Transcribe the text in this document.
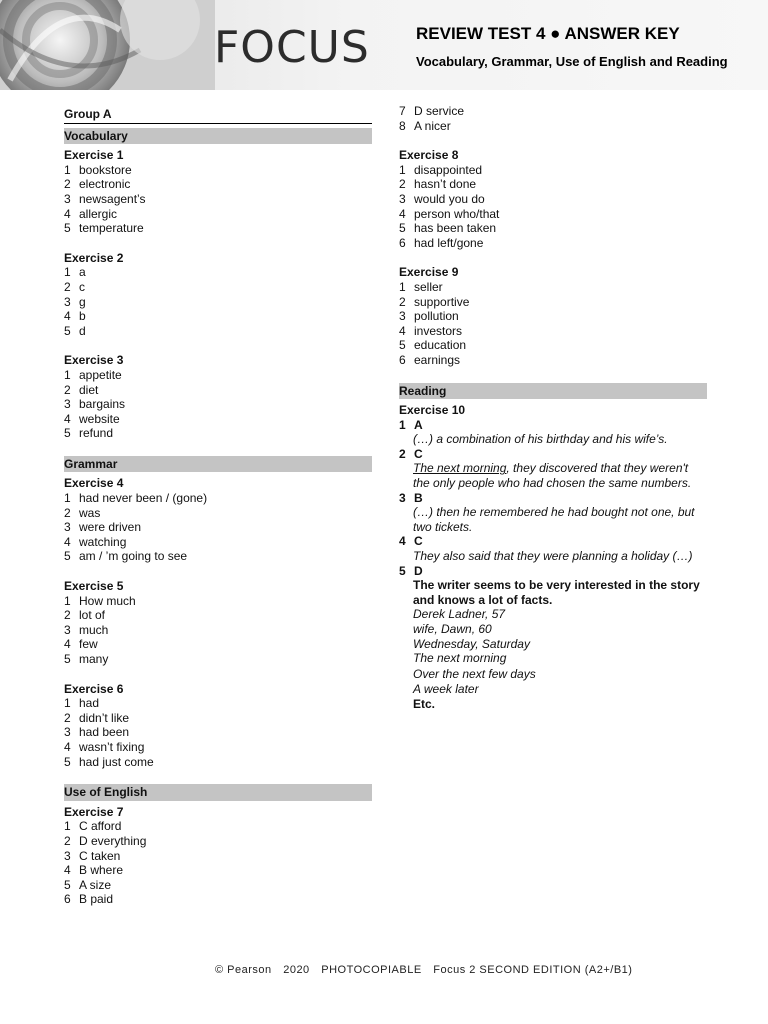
FOCUS	REVIEW TEST 4 ● ANSWER KEY
Vocabulary, Grammar, Use of English and Reading
Group A
Vocabulary
Exercise 1
1 bookstore
2 electronic
3 newsagent’s
4 allergic
5 temperature
Exercise 2
1 a
2 c
3 g
4 b
5 d
Exercise 3
1 appetite
2 diet
3 bargains
4 website
5 refund
Grammar
Exercise 4
1 had never been / (gone)
2 was
3 were driven
4 watching
5 am / ’m going to see
Exercise 5
1 How much
2 lot of
3 much
4 few
5 many
Exercise 6
1 had
2 didn’t like
3 had been
4 wasn’t fixing
5 had just come
Use of English
Exercise 7
1 C afford
2 D everything
3 C taken
4 B where
5 A size
6 B paid
7 D service
8 A nicer
Exercise 8
1 disappointed
2 hasn’t done
3 would you do
4 person who/that
5 has been taken
6 had left/gone
Exercise 9
1 seller
2 supportive
3 pollution
4 investors
5 education
6 earnings
Reading
Exercise 10
1 A
(…) a combination of his birthday and his wife’s.
2 C
The next morning, they discovered that they weren't the only people who had chosen the same numbers.
3 B
(…) then he remembered he had bought not one, but two tickets.
4 C
They also said that they were planning a holiday (…)
5 D
The writer seems to be very interested in the story and knows a lot of facts.
Derek Ladner, 57
wife, Dawn, 60
Wednesday, Saturday
The next morning
Over the next few days
A week later
Etc.
© Pearson 2020 PHOTOCOPIABLE Focus 2 SECOND EDITION (A2+/B1)
